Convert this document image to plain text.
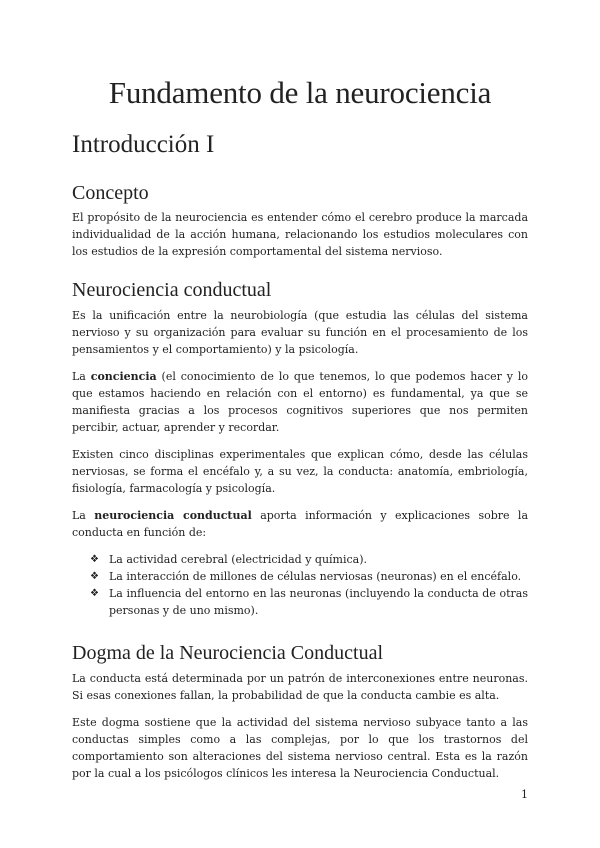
Fundamento de la neurociencia
Introducción I
Concepto

El propósito de la neurociencia es entender cómo el cerebro produce la marcada individualidad de la acción humana, relacionando los estudios moleculares con los estudios de la expresión comportamental del sistema nervioso.

Neurociencia conductual

Es la unificación entre la neurobiología (que estudia las células del sistema nervioso y su organización para evaluar su función en el procesamiento de los pensamientos y el comportamiento) y la psicología.

La conciencia (el conocimiento de lo que tenemos, lo que podemos hacer y lo que estamos haciendo en relación con el entorno) es fundamental, ya que se manifiesta gracias a los procesos cognitivos superiores que nos permiten percibir, actuar, aprender y recordar.

Existen cinco disciplinas experimentales que explican cómo, desde las células nerviosas, se forma el encéfalo y, a su vez, la conducta: anatomía, embriología, fisiología, farmacología y psicología.

La neurociencia conductual aporta información y explicaciones sobre la conducta en función de:

❖ La actividad cerebral (electricidad y química).
❖ La interacción de millones de células nerviosas (neuronas) en el encéfalo.
❖ La influencia del entorno en las neuronas (incluyendo la conducta de otras personas y de uno mismo).
Dogma de la Neurociencia Conductual

La conducta está determinada por un patrón de interconexiones entre neuronas. Si esas conexiones fallan, la probabilidad de que la conducta cambie es alta.

Este dogma sostiene que la actividad del sistema nervioso subyace tanto a las conductas simples como a las complejas, por lo que los trastornos del comportamiento son alteraciones del sistema nervioso central. Esta es la razón por la cual a los psicólogos clínicos les interesa la Neurociencia Conductual.

1
